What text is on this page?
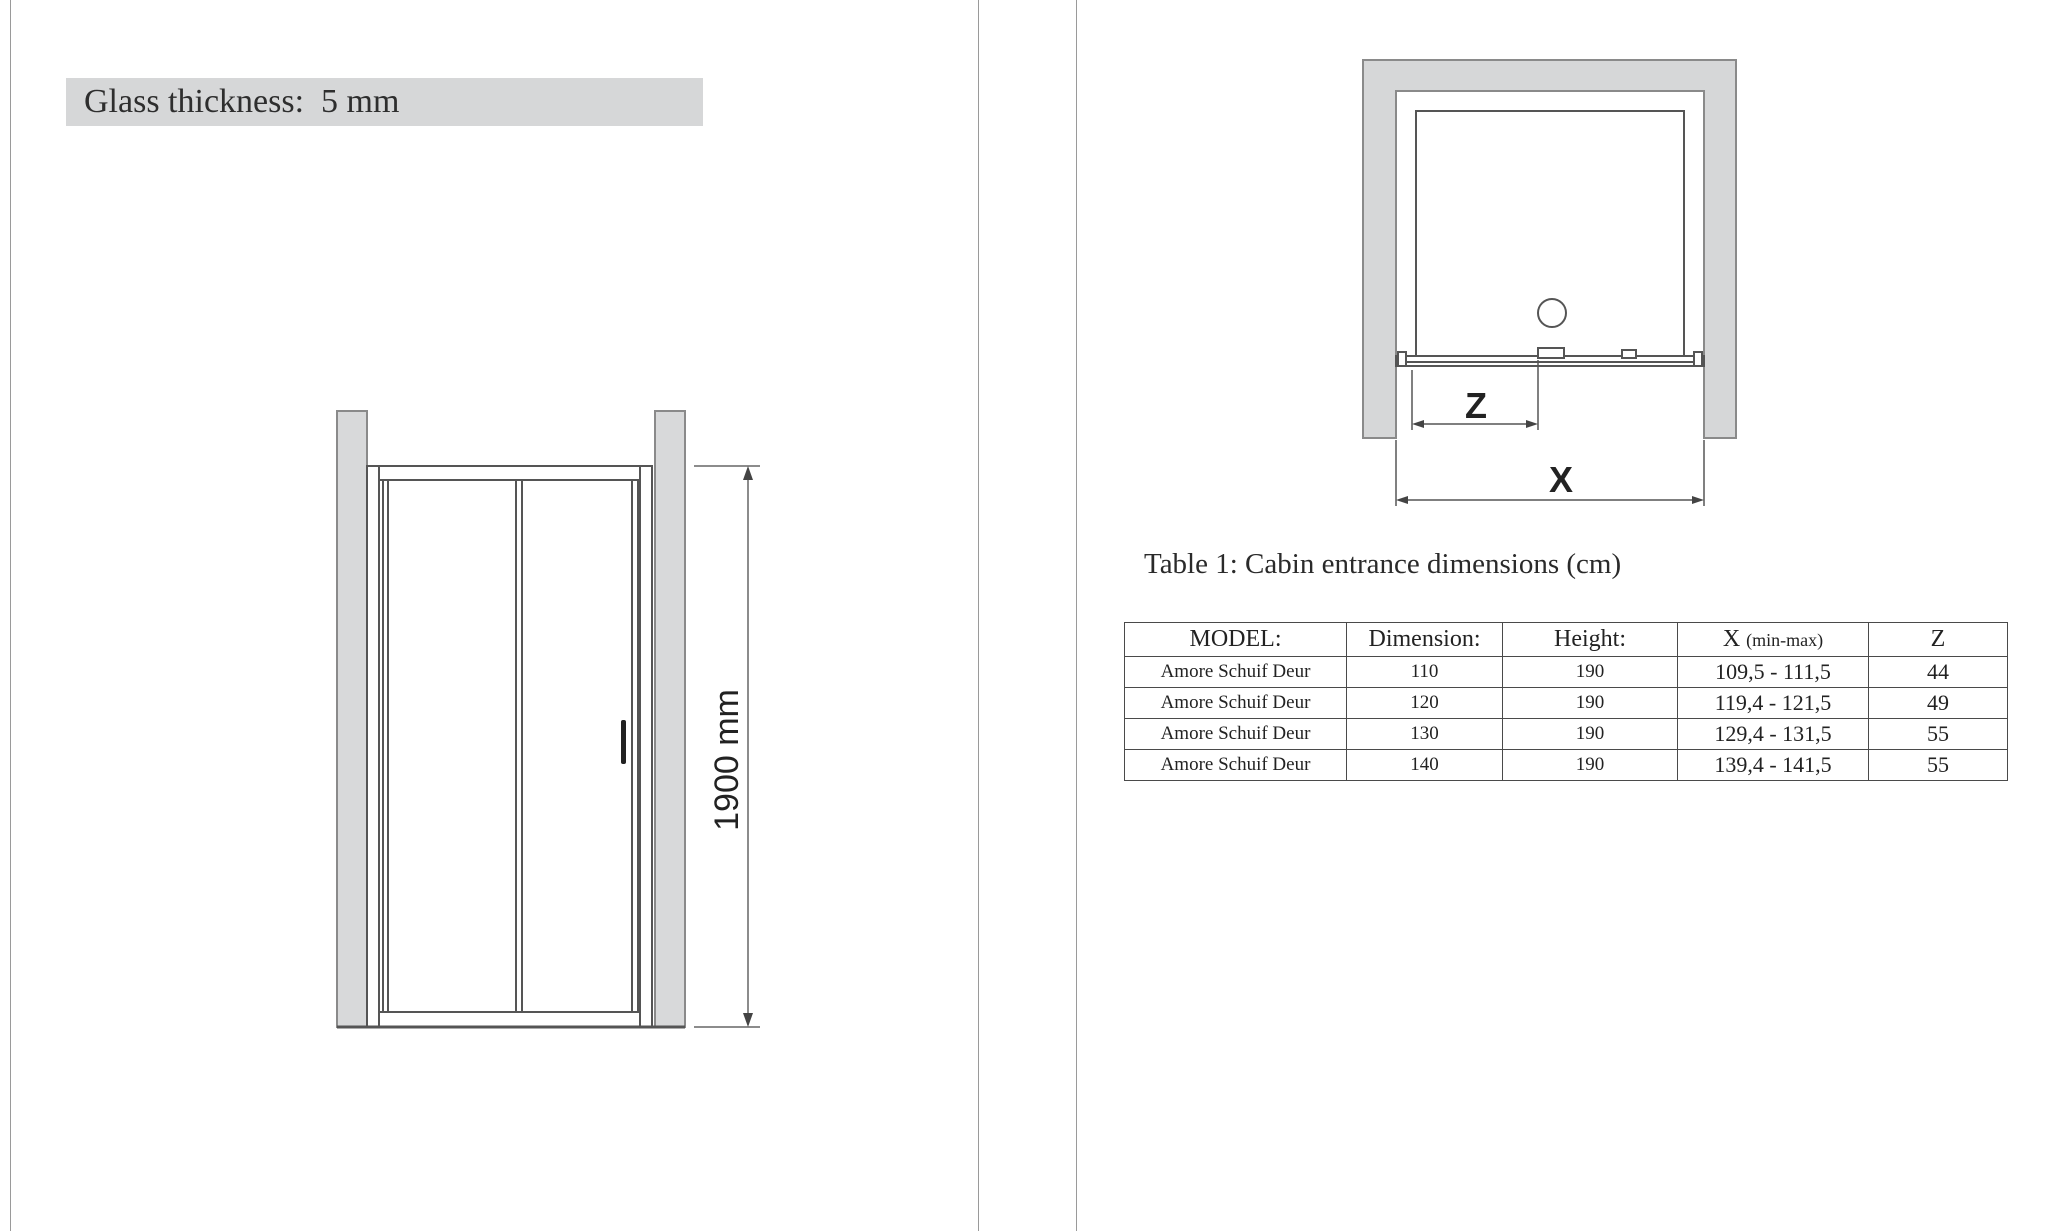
Glass thickness: 5 mm
1900 mm
Z
X
Table 1: Cabin entrance dimensions (cm)
MODEL:	Dimension:	Height:	X (min-max)	Z
Amore Schuif Deur	110	190	109,5 - 111,5	44
Amore Schuif Deur	120	190	119,4 - 121,5	49
Amore Schuif Deur	130	190	129,4 - 131,5	55
Amore Schuif Deur	140	190	139,4 - 141,5	55
